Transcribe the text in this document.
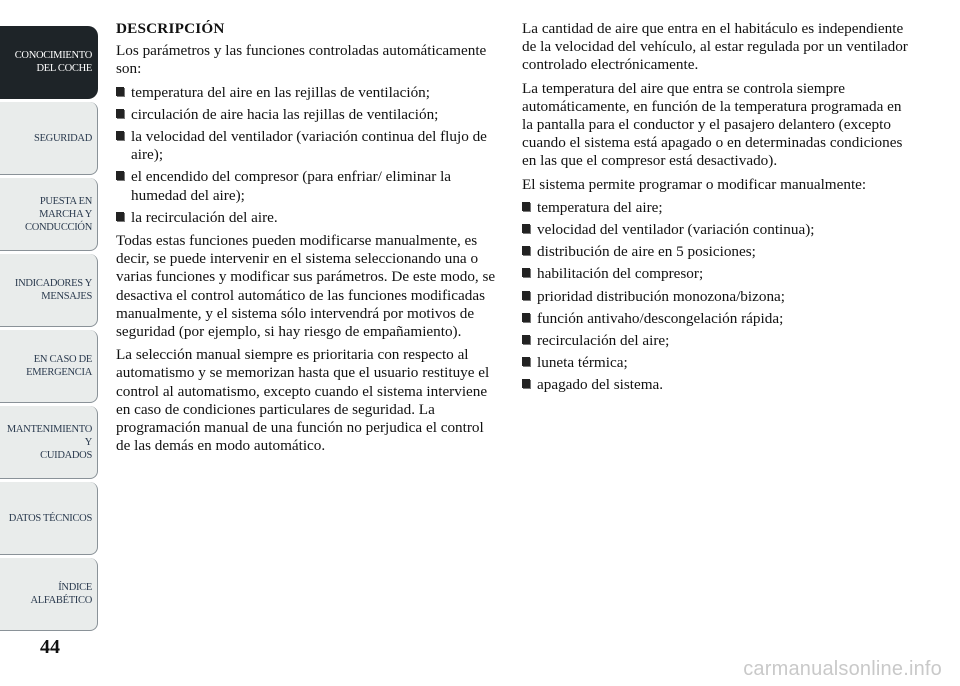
CONOCIMIENTO
DEL COCHE
SEGURIDAD
PUESTA EN
MARCHA Y
CONDUCCIÓN
INDICADORES Y
MENSAJES
EN CASO DE
EMERGENCIA
MANTENIMIENTO Y
CUIDADOS
DATOS TÉCNICOS
ÍNDICE
ALFABÉTICO
44
DESCRIPCIÓN

Los parámetros y las funciones controladas automáticamente son:

temperatura del aire en las rejillas de ventilación;
circulación de aire hacia las rejillas de ventilación;
la velocidad del ventilador (variación continua del flujo de aire);
el encendido del compresor (para enfriar/ eliminar la humedad del aire);
la recirculación del aire.

Todas estas funciones pueden modificarse manualmente, es decir, se puede intervenir en el sistema seleccionando una o varias funciones y modificar sus parámetros. De este modo, se desactiva el control automático de las funciones modificadas manualmente, y el sistema sólo intervendrá por motivos de seguridad (por ejemplo, si hay riesgo de empañamiento).

La selección manual siempre es prioritaria con respecto al automatismo y se memorizan hasta que el usuario restituye el control al automatismo, excepto cuando el sistema interviene en caso de condiciones particulares de seguridad. La programación manual de una función no perjudica el control de las demás en modo automático.

La cantidad de aire que entra en el habitáculo es independiente de la velocidad del vehículo, al estar regulada por un ventilador controlado electrónicamente.

La temperatura del aire que entra se controla siempre automáticamente, en función de la temperatura programada en la pantalla para el conductor y el pasajero delantero (excepto cuando el sistema está apagado o en determinadas condiciones en las que el compresor está desactivado).

El sistema permite programar o modificar manualmente:

temperatura del aire;
velocidad del ventilador (variación continua);
distribución de aire en 5 posiciones;
habilitación del compresor;
prioridad distribución monozona/bizona;
función antivaho/descongelación rápida;
recirculación del aire;
luneta térmica;
apagado del sistema.
carmanualsonline.info
